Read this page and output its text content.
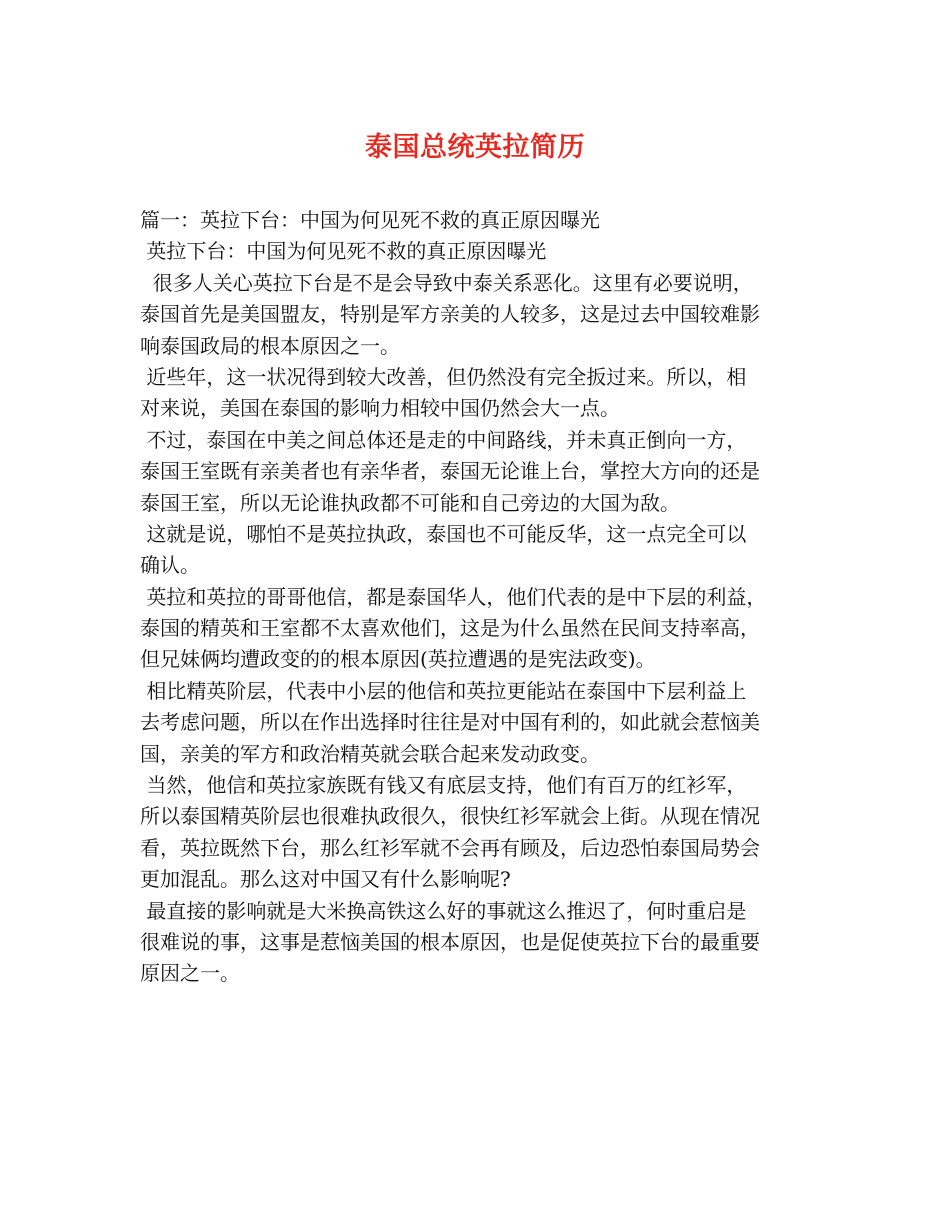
泰国总统英拉简历
篇一：英拉下台：中国为何见死不救的真正原因曝光
英拉下台：中国为何见死不救的真正原因曝光
很多人关心英拉下台是不是会导致中泰关系恶化。这里有必要说明，
泰国首先是美国盟友，特别是军方亲美的人较多，这是过去中国较难影
响泰国政局的根本原因之一。
近些年，这一状况得到较大改善，但仍然没有完全扳过来。所以，相
对来说，美国在泰国的影响力相较中国仍然会大一点。
不过，泰国在中美之间总体还是走的中间路线，并未真正倒向一方，
泰国王室既有亲美者也有亲华者，泰国无论谁上台，掌控大方向的还是
泰国王室，所以无论谁执政都不可能和自己旁边的大国为敌。
这就是说，哪怕不是英拉执政，泰国也不可能反华，这一点完全可以
确认。
英拉和英拉的哥哥他信，都是泰国华人，他们代表的是中下层的利益，
泰国的精英和王室都不太喜欢他们，这是为什么虽然在民间支持率高，
但兄妹俩均遭政变的的根本原因(英拉遭遇的是宪法政变)。
相比精英阶层，代表中小层的他信和英拉更能站在泰国中下层利益上
去考虑问题，所以在作出选择时往往是对中国有利的，如此就会惹恼美
国，亲美的军方和政治精英就会联合起来发动政变。
当然，他信和英拉家族既有钱又有底层支持，他们有百万的红衫军，
所以泰国精英阶层也很难执政很久，很快红衫军就会上街。从现在情况
看，英拉既然下台，那么红衫军就不会再有顾及，后边恐怕泰国局势会
更加混乱。那么这对中国又有什么影响呢?
最直接的影响就是大米换高铁这么好的事就这么推迟了，何时重启是
很难说的事，这事是惹恼美国的根本原因，也是促使英拉下台的最重要
原因之一。
